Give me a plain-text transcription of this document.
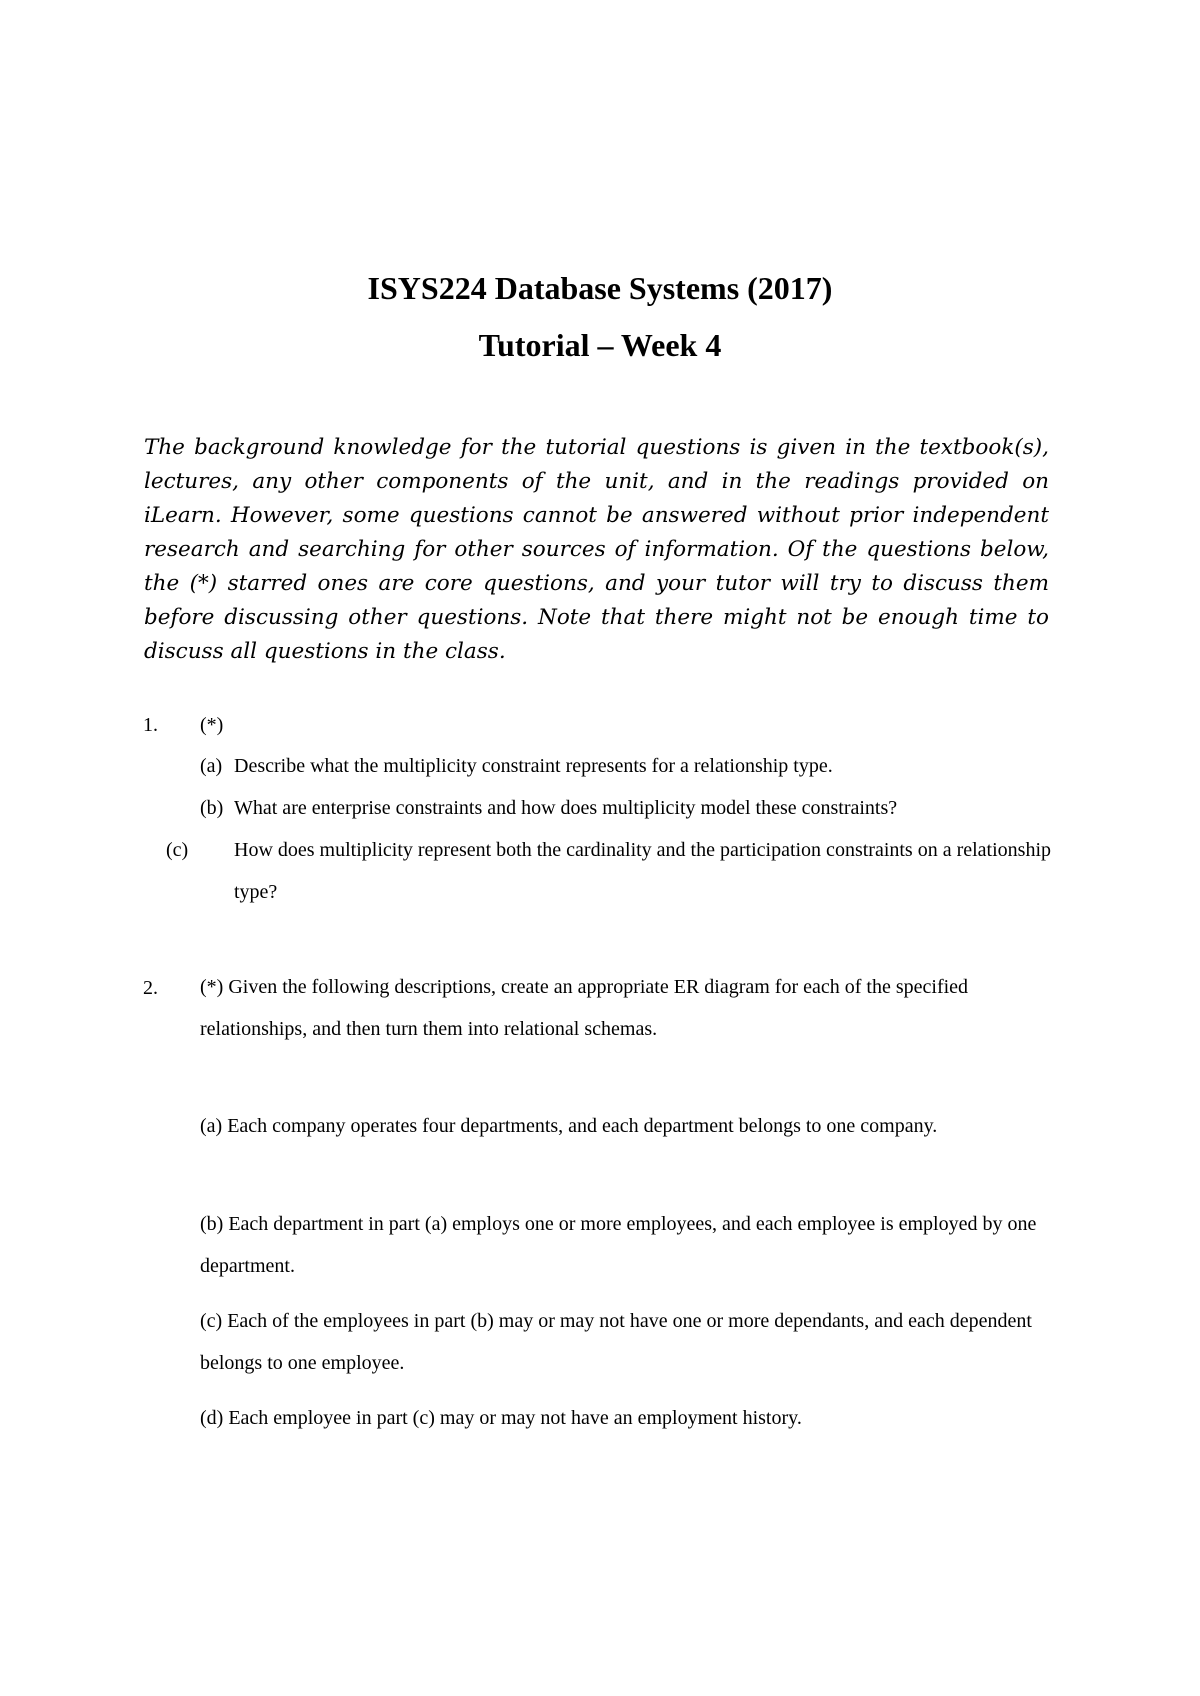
ISYS224 Database Systems (2017)
Tutorial – Week 4

The background knowledge for the tutorial questions is given in the textbook(s), lectures, any other components of the unit, and in the readings provided on iLearn. However, some questions cannot be answered without prior independent research and searching for other sources of information. Of the questions below, the (*) starred ones are core questions, and your tutor will try to discuss them before discussing other questions. Note that there might not be enough time to discuss all questions in the class.

1. (*)
(a) Describe what the multiplicity constraint represents for a relationship type.
(b) What are enterprise constraints and how does multiplicity model these constraints?
(c) How does multiplicity represent both the cardinality and the participation constraints on a relationship type?
2. (*) Given the following descriptions, create an appropriate ER diagram for each of the specified relationships, and then turn them into relational schemas.

(a) Each company operates four departments, and each department belongs to one company.

(b) Each department in part (a) employs one or more employees, and each employee is employed by one department.

(c) Each of the employees in part (b) may or may not have one or more dependants, and each dependent belongs to one employee.

(d) Each employee in part (c) may or may not have an employment history.
